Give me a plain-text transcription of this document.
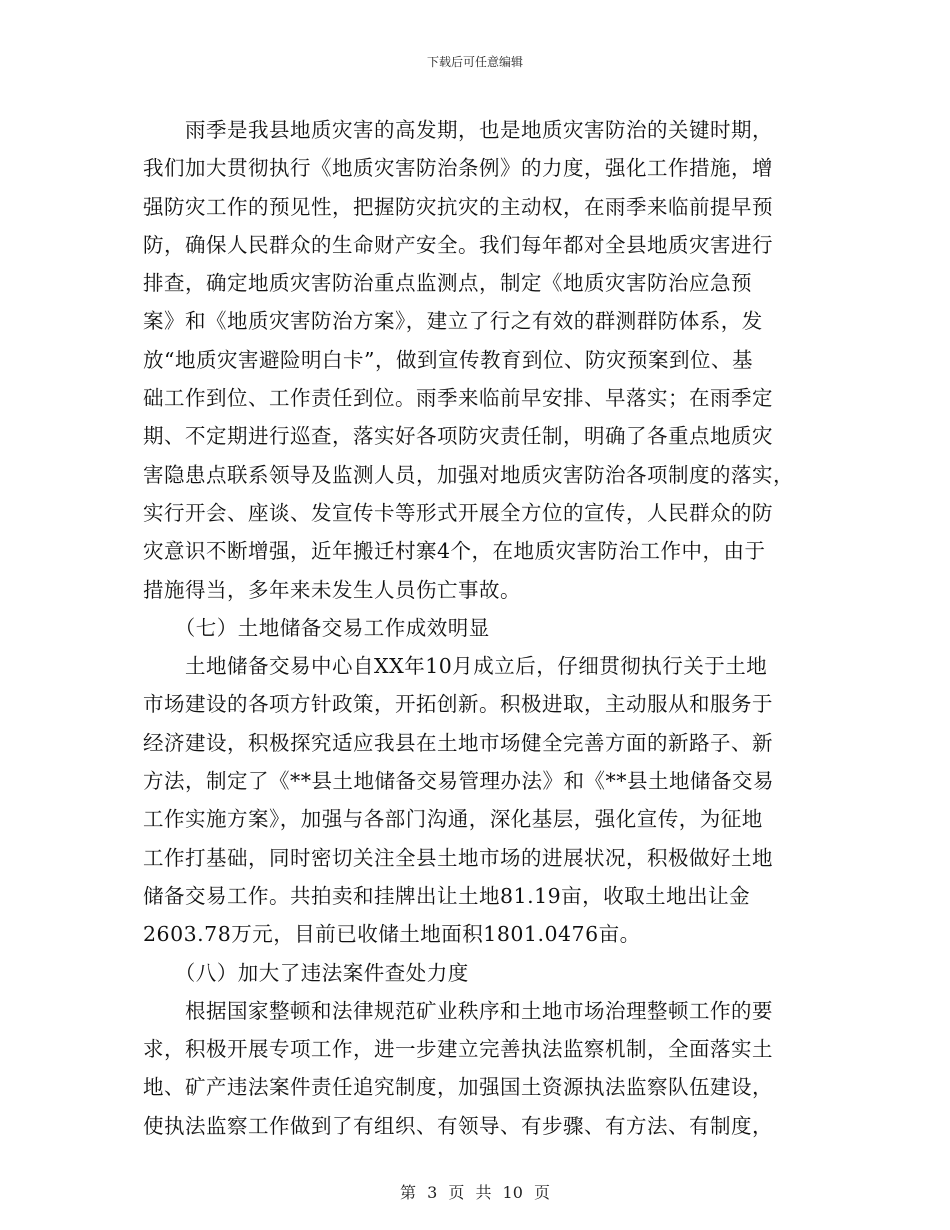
下载后可任意编辑
　　雨季是我县地质灾害的高发期，也是地质灾害防治的关键时期，
我们加大贯彻执行《地质灾害防治条例》的力度，强化工作措施，增
强防灾工作的预见性，把握防灾抗灾的主动权，在雨季来临前提早预
防，确保人民群众的生命财产安全。我们每年都对全县地质灾害进行
排查，确定地质灾害防治重点监测点，制定《地质灾害防治应急预
案》和《地质灾害防治方案》，建立了行之有效的群测群防体系，发
放“地质灾害避险明白卡”，做到宣传教育到位、防灾预案到位、基
础工作到位、工作责任到位。雨季来临前早安排、早落实；在雨季定
期、不定期进行巡查，落实好各项防灾责任制，明确了各重点地质灾
害隐患点联系领导及监测人员，加强对地质灾害防治各项制度的落实，
实行开会、座谈、发宣传卡等形式开展全方位的宣传，人民群众的防
灾意识不断增强，近年搬迁村寨4个，在地质灾害防治工作中，由于
措施得当，多年来未发生人员伤亡事故。
　　（七）土地储备交易工作成效明显
　　土地储备交易中心自XX年10月成立后，仔细贯彻执行关于土地
市场建设的各项方针政策，开拓创新。积极进取，主动服从和服务于
经济建设，积极探究适应我县在土地市场健全完善方面的新路子、新
方法，制定了《**县土地储备交易管理办法》和《**县土地储备交易
工作实施方案》，加强与各部门沟通，深化基层，强化宣传，为征地
工作打基础，同时密切关注全县土地市场的进展状况，积极做好土地
储备交易工作。共拍卖和挂牌出让土地81.19亩，收取土地出让金
2603.78万元，目前已收储土地面积1801.0476亩。
　　（八）加大了违法案件查处力度
　　根据国家整顿和法律规范矿业秩序和土地市场治理整顿工作的要
求，积极开展专项工作，进一步建立完善执法监察机制，全面落实土
地、矿产违法案件责任追究制度，加强国土资源执法监察队伍建设，
使执法监察工作做到了有组织、有领导、有步骤、有方法、有制度，
第 3 页 共 10 页
